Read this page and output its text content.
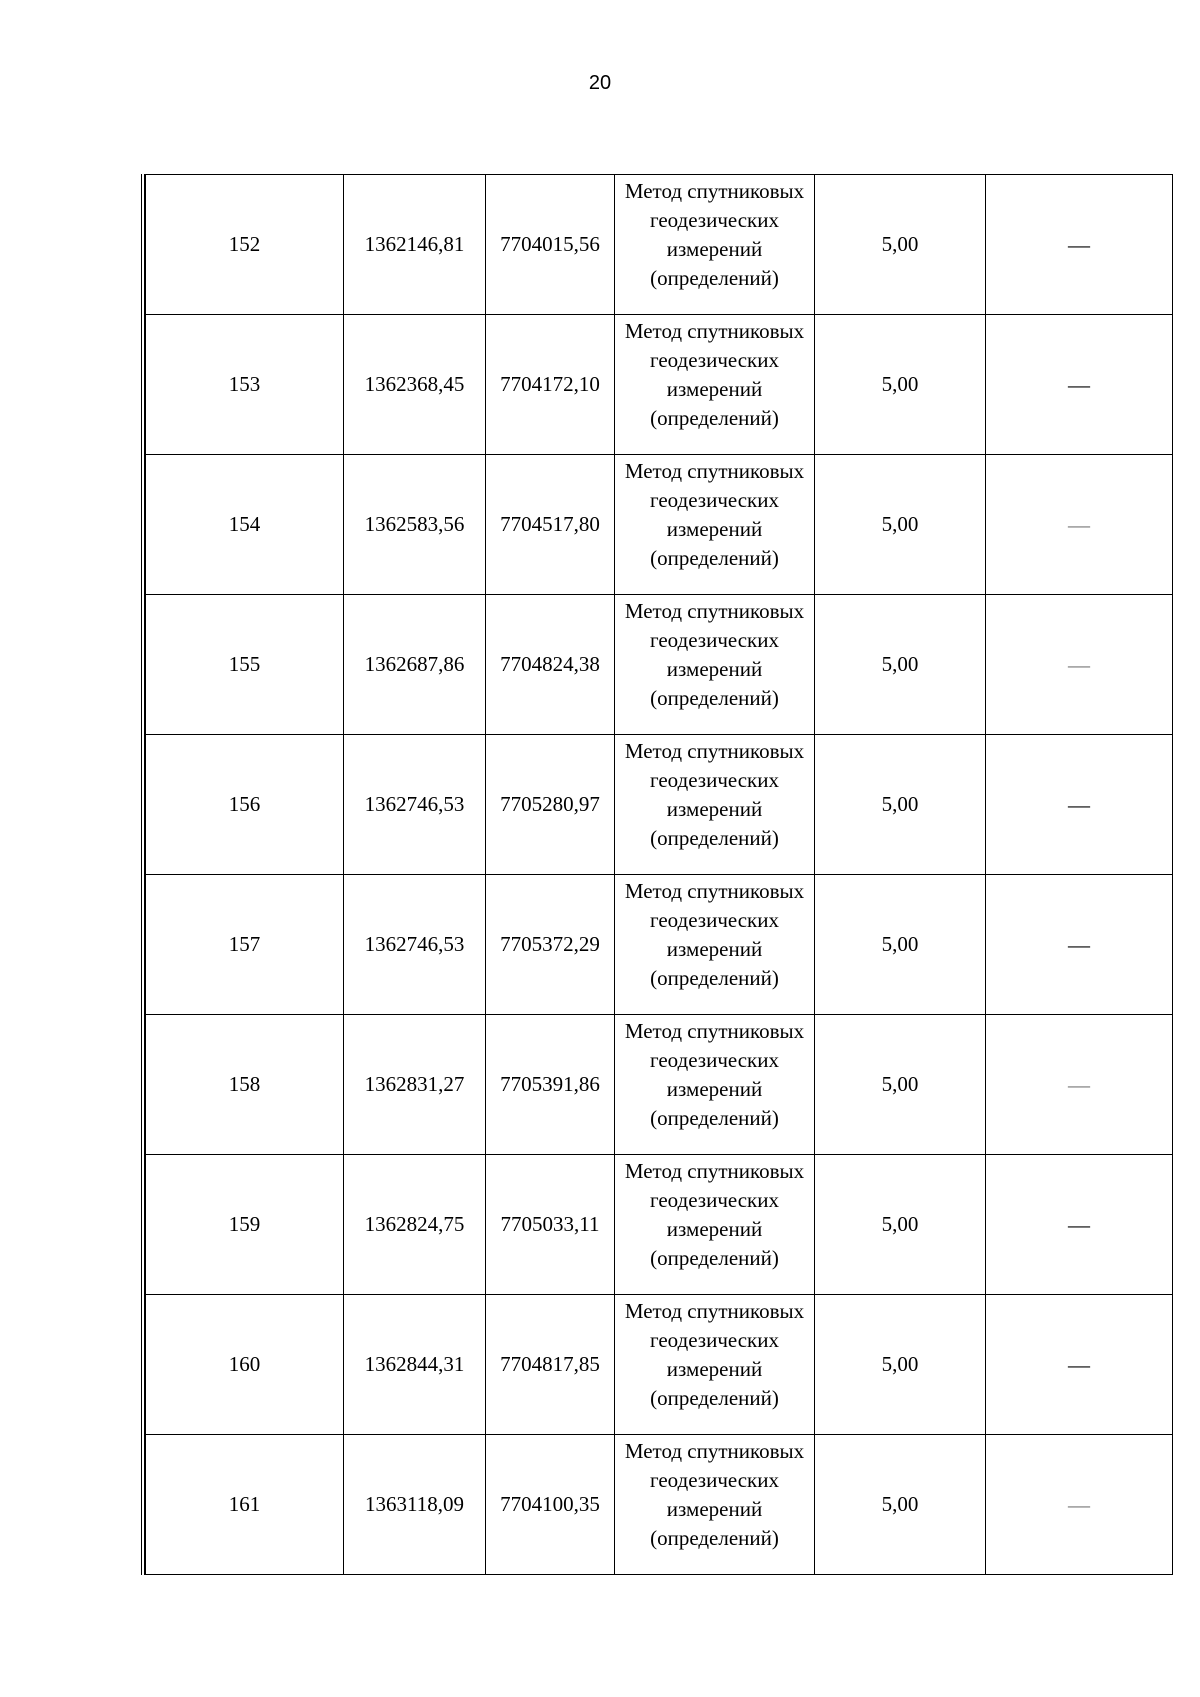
20
152	1362146,81	7704015,56	Метод спутниковых
геодезических
измерений
(определений)	5,00	—
153	1362368,45	7704172,10	Метод спутниковых
геодезических
измерений
(определений)	5,00	—
154	1362583,56	7704517,80	Метод спутниковых
геодезических
измерений
(определений)	5,00	—
155	1362687,86	7704824,38	Метод спутниковых
геодезических
измерений
(определений)	5,00	—
156	1362746,53	7705280,97	Метод спутниковых
геодезических
измерений
(определений)	5,00	—
157	1362746,53	7705372,29	Метод спутниковых
геодезических
измерений
(определений)	5,00	—
158	1362831,27	7705391,86	Метод спутниковых
геодезических
измерений
(определений)	5,00	—
159	1362824,75	7705033,11	Метод спутниковых
геодезических
измерений
(определений)	5,00	—
160	1362844,31	7704817,85	Метод спутниковых
геодезических
измерений
(определений)	5,00	—
161	1363118,09	7704100,35	Метод спутниковых
геодезических
измерений
(определений)	5,00	—
